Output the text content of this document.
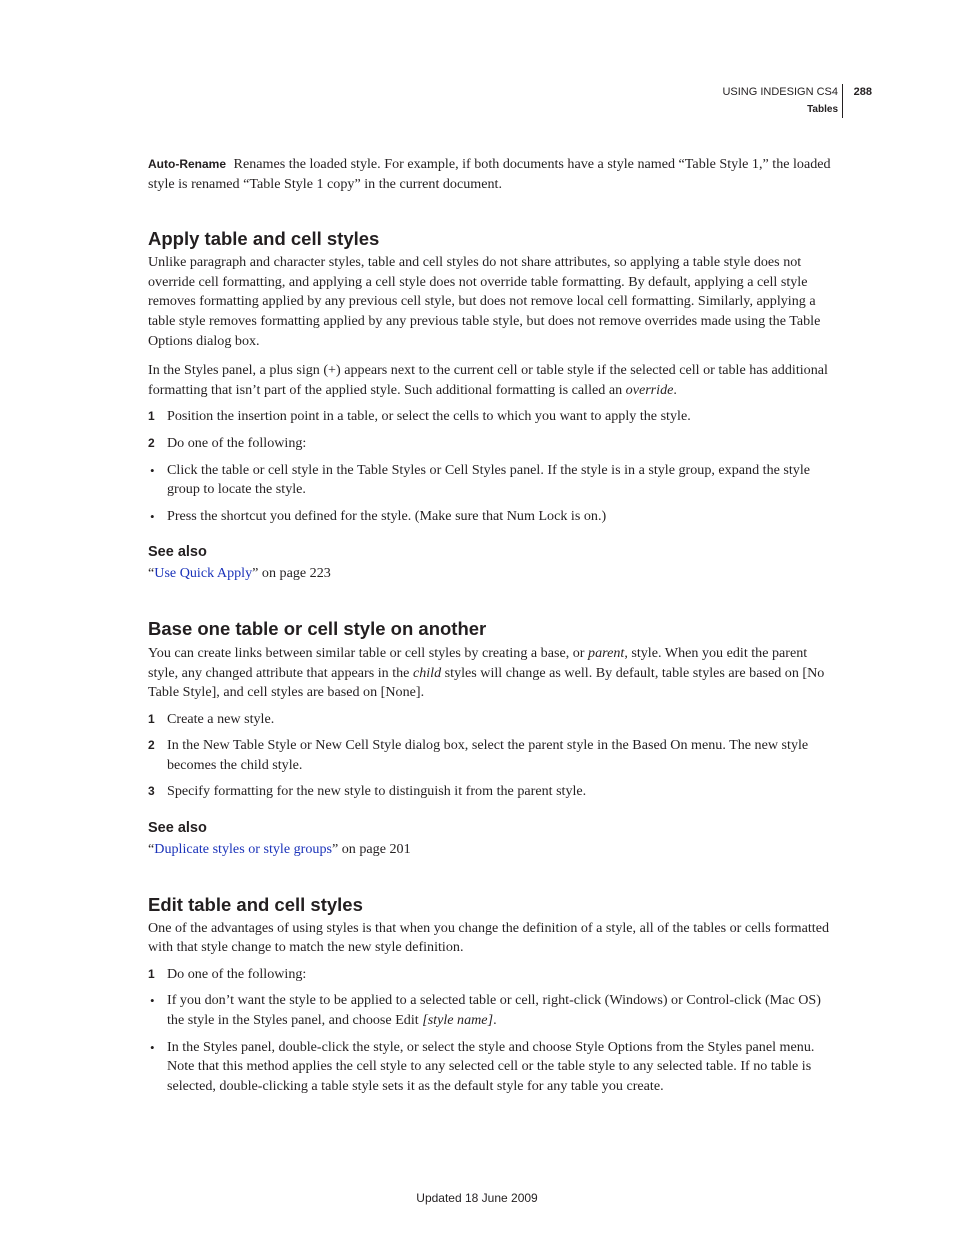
USING INDESIGN CS4
Tables
288

Auto-Rename Renames the loaded style. For example, if both documents have a style named “Table Style 1,” the loaded style is renamed “Table Style 1 copy” in the current document.

Apply table and cell styles

Unlike paragraph and character styles, table and cell styles do not share attributes, so applying a table style does not override cell formatting, and applying a cell style does not override table formatting. By default, applying a cell style removes formatting applied by any previous cell style, but does not remove local cell formatting. Similarly, applying a table style removes formatting applied by any previous table style, but does not remove overrides made using the Table Options dialog box.

In the Styles panel, a plus sign (+) appears next to the current cell or table style if the selected cell or table has additional formatting that isn’t part of the applied style. Such additional formatting is called an override.

1 Position the insertion point in a table, or select the cells to which you want to apply the style.
2 Do one of the following:
• Click the table or cell style in the Table Styles or Cell Styles panel. If the style is in a style group, expand the style group to locate the style.
• Press the shortcut you defined for the style. (Make sure that Num Lock is on.)
See also

“Use Quick Apply” on page 223

Base one table or cell style on another

You can create links between similar table or cell styles by creating a base, or parent, style. When you edit the parent style, any changed attribute that appears in the child styles will change as well. By default, table styles are based on [No Table Style], and cell styles are based on [None].

1 Create a new style.
2 In the New Table Style or New Cell Style dialog box, select the parent style in the Based On menu. The new style becomes the child style.
3 Specify formatting for the new style to distinguish it from the parent style.
See also

“Duplicate styles or style groups” on page 201

Edit table and cell styles

One of the advantages of using styles is that when you change the definition of a style, all of the tables or cells formatted with that style change to match the new style definition.

1 Do one of the following:
• If you don’t want the style to be applied to a selected table or cell, right-click (Windows) or Control-click (Mac OS) the style in the Styles panel, and choose Edit [style name].
• In the Styles panel, double-click the style, or select the style and choose Style Options from the Styles panel menu. Note that this method applies the cell style to any selected cell or the table style to any selected table. If no table is selected, double-clicking a table style sets it as the default style for any table you create.
Updated 18 June 2009
